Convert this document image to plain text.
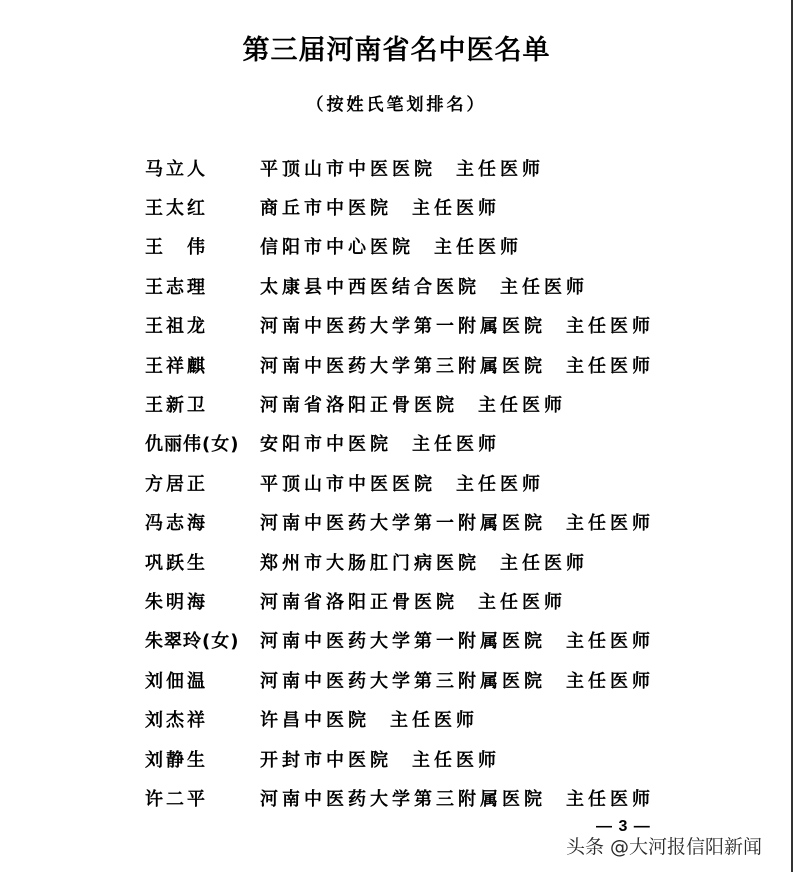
第三届河南省名中医名单
（按姓氏笔划排名）
马立人	平顶山市中医医院 主任医师
王太红	商丘市中医院 主任医师
王　伟	信阳市中心医院 主任医师
王志理	太康县中西医结合医院 主任医师
王祖龙	河南中医药大学第一附属医院 主任医师
王祥麒	河南中医药大学第三附属医院 主任医师
王新卫	河南省洛阳正骨医院 主任医师
仇丽伟(女)	安阳市中医院 主任医师
方居正	平顶山市中医医院 主任医师
冯志海	河南中医药大学第一附属医院 主任医师
巩跃生	郑州市大肠肛门病医院 主任医师
朱明海	河南省洛阳正骨医院 主任医师
朱翠玲(女)	河南中医药大学第一附属医院 主任医师
刘佃温	河南中医药大学第三附属医院 主任医师
刘杰祥	许昌中医院 主任医师
刘静生	开封市中医院 主任医师
许二平	河南中医药大学第三附属医院 主任医师
— 3 —
头条 @大河报信阳新闻
